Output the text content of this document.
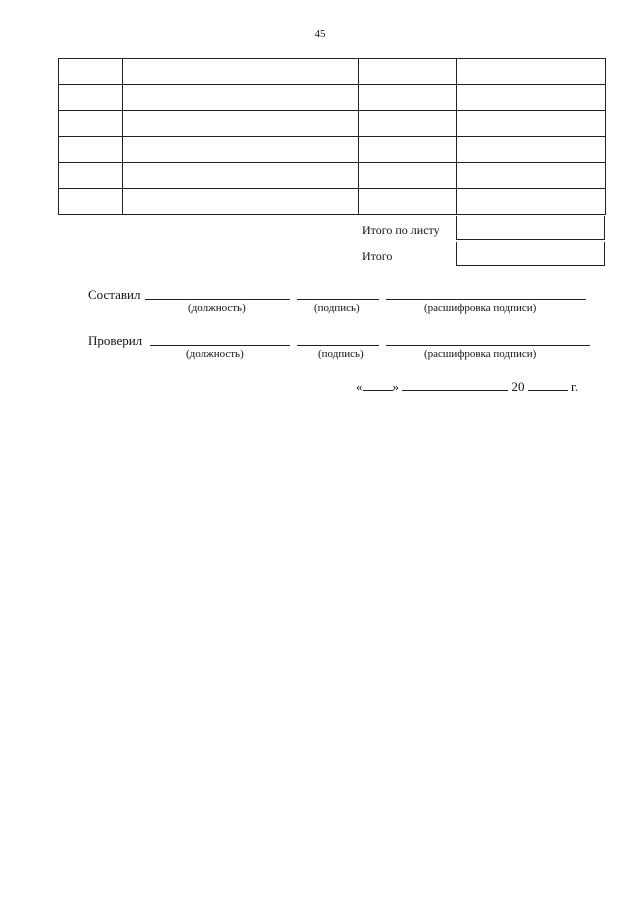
45

Итого по листу
Итого
Составил
(должность)	(подпись)	(расшифровка подписи)
Проверил
(должность)	(подпись)	(расшифровка подписи)
« »	20	г.
